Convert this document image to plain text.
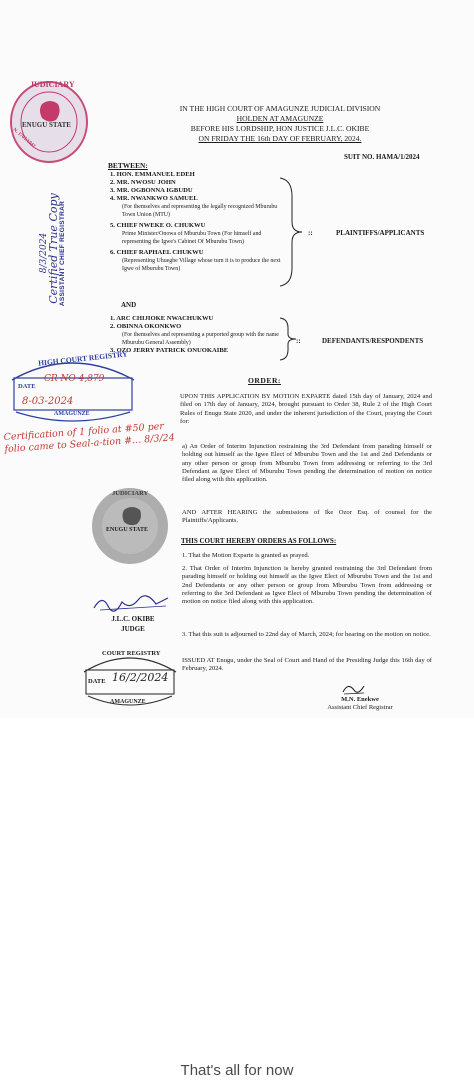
JUDICIARY
ENUGU STATE
N. 1702/1042
Certified True Copy
8/3/2024 ASSISTANT CHIEF REGISTRAR
IN THE HIGH COURT OF AMAGUNZE JUDICIAL DIVISION
HOLDEN AT AMAGUNZE
BEFORE HIS LORDSHIP, HON JUSTICE J.L.C. OKIBE
ON FRIDAY THE 16th DAY OF FEBRUARY, 2024.
SUIT NO. HAMA/1/2024
BETWEEN:
1. HON. EMMANUEL EDEH
2. MR. NWOSU JOHN
3. MR. OGBONNA IGBUDU
4. MR. NWANKWO SAMUEL
(For themselves and representing the legally recognized Mburubu Town Union (MTU)
5. CHIEF NWEKE O. CHUKWU
Prime Minister/Onowa of Mburubu Town (For himself and representing the Igwe's Cabinet Of Mburubu Town)
6. CHIEF RAPHAEL CHUKWU
(Representing Uhuegbe Village whose turn it is to produce the next Igwe of Mburubu Town)
::	PLAINTIFFS/APPLICANTS
AND
1. ARC CHIJIOKE NWACHUKWU
2. OBINNA OKONKWO
(For themselves and representing a purported group with the name Mburubu General Assembly)
3. OZO JERRY PATRICK ONUOKAIBE
::	DEFENDANTS/RESPONDENTS
ORDER:
UPON THIS APPLICATION BY MOTION EXPARTE dated 15th day of January, 2024 and filed on 17th day of January, 2024, brought pursuant to Order 38, Rule 2 of the High Court Rules of Enugu State 2020, and under the inherent jurisdiction of the Court, praying the Court for:
a) An Order of Interim Injunction restraining the 3rd Defendant from parading himself or holding out himself as the Igwe Elect of Mburubu Town and the 1st and 2nd Defendants or any other person or group from Mburubu Town from addressing or referring to the 3rd Defendant as Igwe Elect of Mburubu Town pending the determination of motion on notice filed along with this application.
AND AFTER HEARING the submissions of Ike Ozor Esq. of counsel for the Plaintiffs/Applicants.
THIS COURT HEREBY ORDERS AS FOLLOWS:
1. That the Motion Exparte is granted as prayed.
2. That Order of Interim Injunction is hereby granted restraining the 3rd Defendant from parading himself or holding out himself as the Igwe Elect of Mburubu Town and the 1st and 2nd Defendants or any other person or group from Mburubu Town from addressing or referring to the 3rd Defendant as Igwe Elect of Mburubu Town pending the determination of motion on notice filed along with this application.
3. That this suit is adjourned to 22nd day of March, 2024; for hearing on the motion on notice.
ISSUED AT Enugu, under the Seal of Court and Hand of the Presiding Judge this 16th day of February, 2024.
HIGH COURT REGISTRY
DATE
CR NO 4,879
8-03-2024
AMAGUNZE
Certification of 1 folio at #50 per folio came to Seal-a-tion #... 8/3/24
JUDICIARY
ENUGU STATE
J.L.C. OKIBE
JUDGE
COURT REGISTRY
DATE 16/2/2024
AMAGUNZE	M.N. Enekwe
Assistant Chief Registrar
That's all for now
